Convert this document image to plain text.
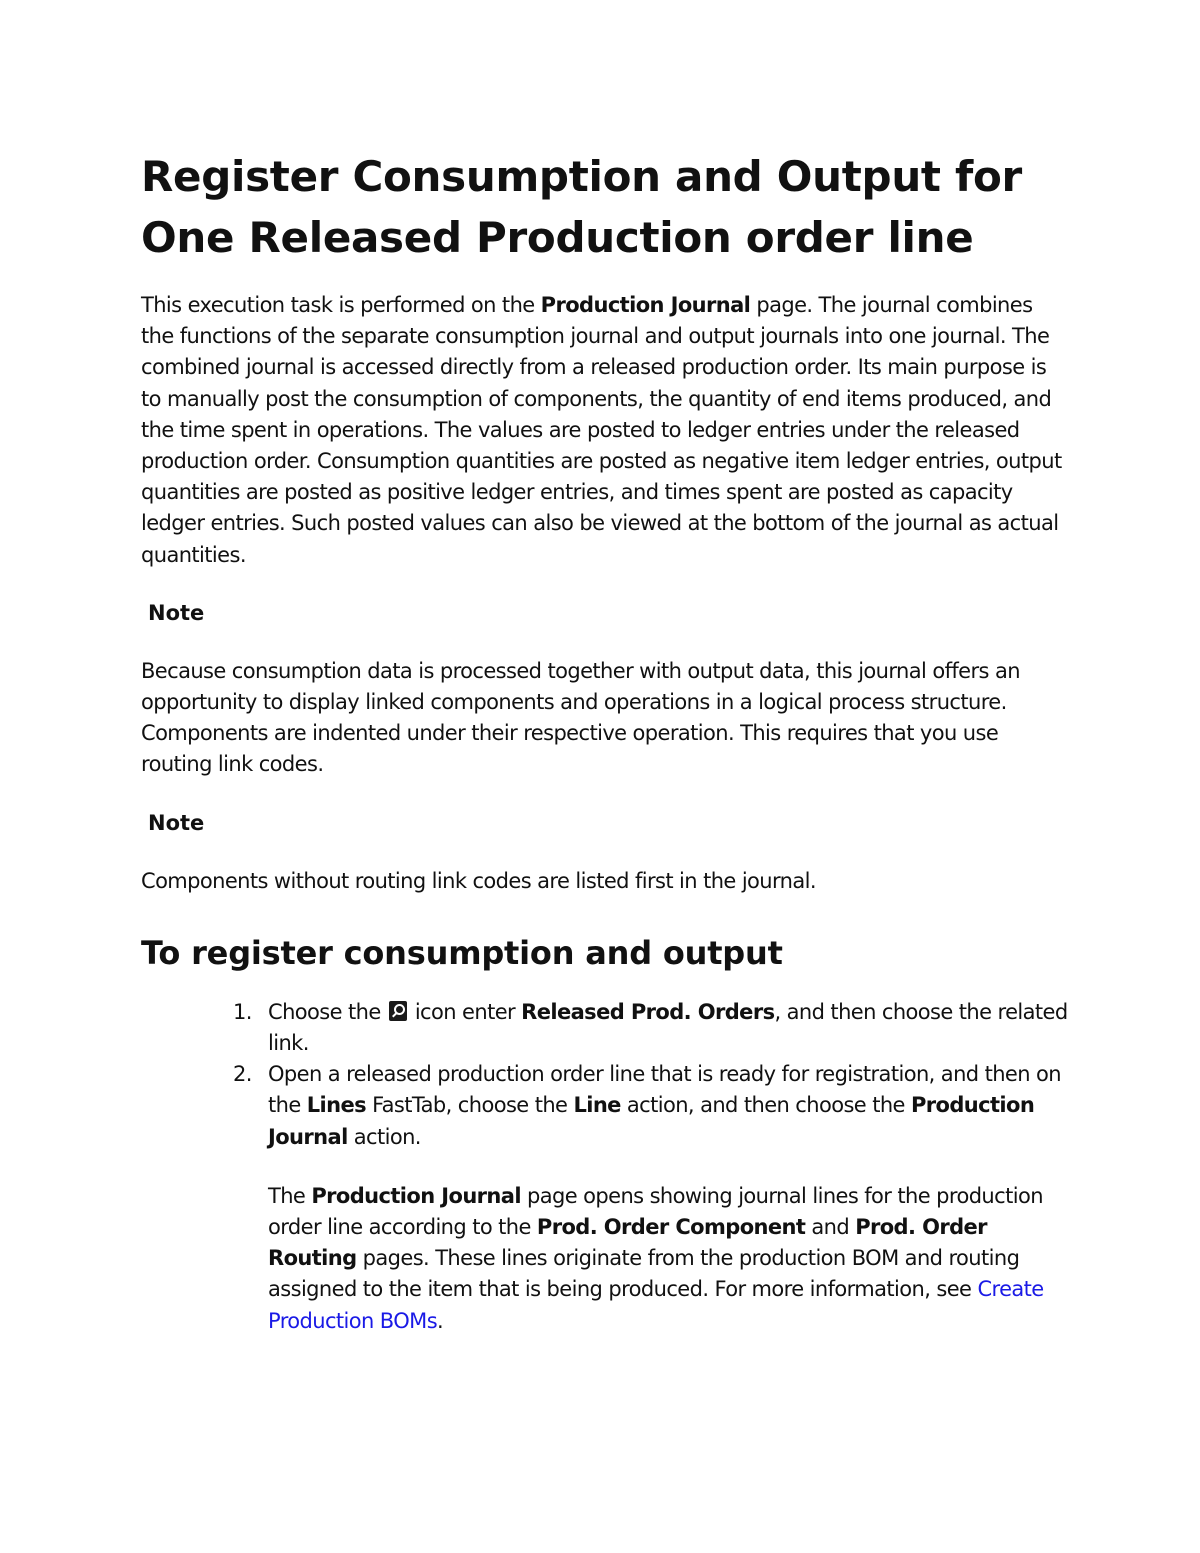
Register Consumption and Output for One Released Production order line

This execution task is performed on the Production Journal page. The journal combines the functions of the separate consumption journal and output journals into one journal. The combined journal is accessed directly from a released production order. Its main purpose is to manually post the consumption of components, the quantity of end items produced, and the time spent in operations. The values are posted to ledger entries under the released production order. Consumption quantities are posted as negative item ledger entries, output quantities are posted as positive ledger entries, and times spent are posted as capacity ledger entries. Such posted values can also be viewed at the bottom of the journal as actual quantities.

Note

Because consumption data is processed together with output data, this journal offers an opportunity to display linked components and operations in a logical process structure. Components are indented under their respective operation. This requires that you use routing link codes.

Note

Components without routing link codes are listed first in the journal.

To register consumption and output
1. Choose the  icon enter Released Prod. Orders, and then choose the related link.
2. Open a released production order line that is ready for registration, and then on the Lines FastTab, choose the Line action, and then choose the Production Journal action.

The Production Journal page opens showing journal lines for the production order line according to the Prod. Order Component and Prod. Order Routing pages. These lines originate from the production BOM and routing assigned to the item that is being produced. For more information, see Create Production BOMs.
